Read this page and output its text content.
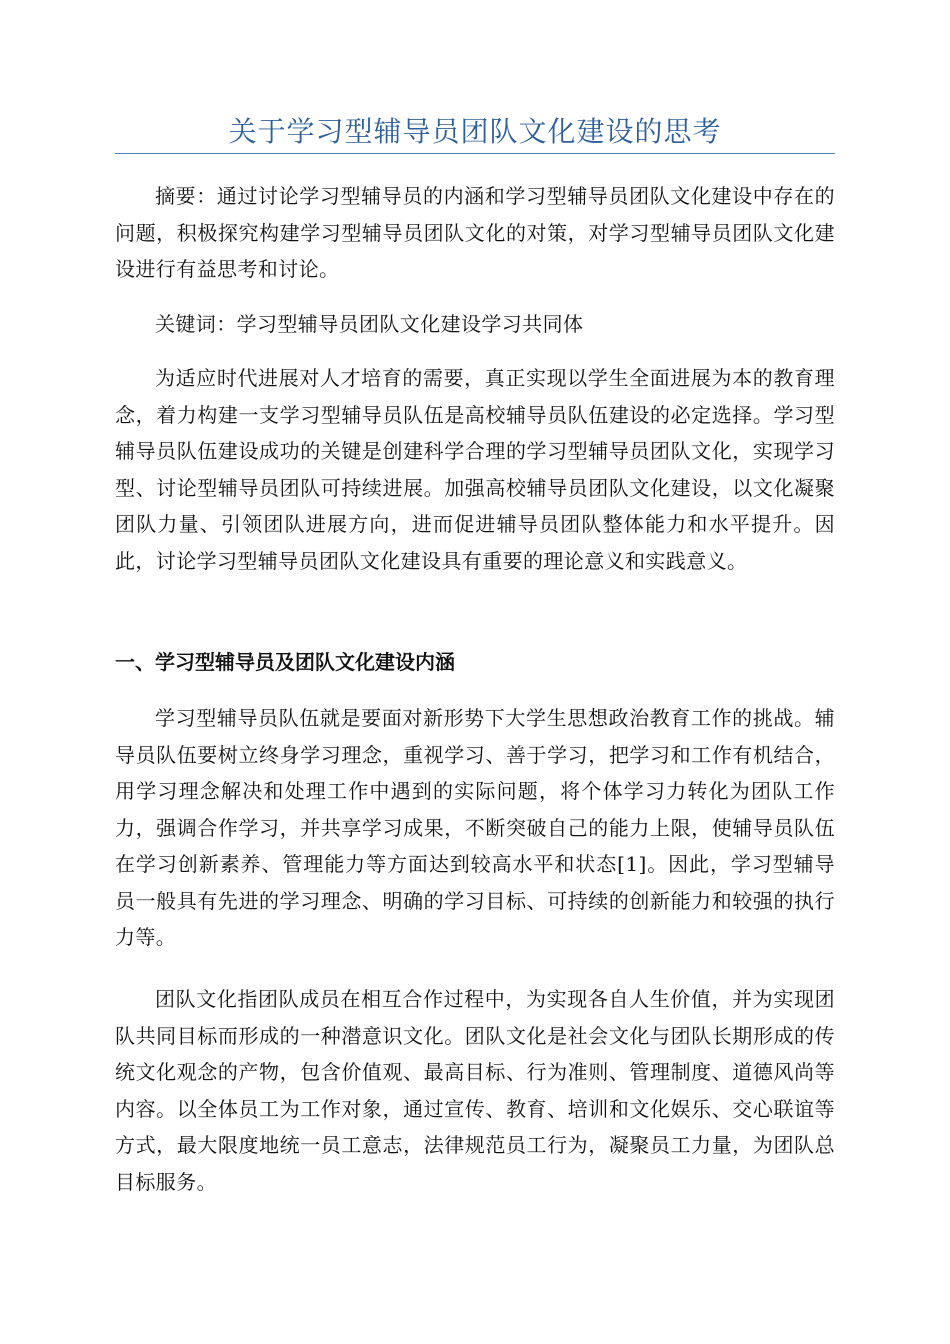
关于学习型辅导员团队文化建设的思考

摘要：通过讨论学习型辅导员的内涵和学习型辅导员团队文化建设中存在的问题，积极探究构建学习型辅导员团队文化的对策，对学习型辅导员团队文化建设进行有益思考和讨论。

关键词：学习型辅导员团队文化建设学习共同体

为适应时代进展对人才培育的需要，真正实现以学生全面进展为本的教育理念，着力构建一支学习型辅导员队伍是高校辅导员队伍建设的必定选择。学习型辅导员队伍建设成功的关键是创建科学合理的学习型辅导员团队文化，实现学习型、讨论型辅导员团队可持续进展。加强高校辅导员团队文化建设，以文化凝聚团队力量、引领团队进展方向，进而促进辅导员团队整体能力和水平提升。因此，讨论学习型辅导员团队文化建设具有重要的理论意义和实践意义。

一、学习型辅导员及团队文化建设内涵

学习型辅导员队伍就是要面对新形势下大学生思想政治教育工作的挑战。辅导员队伍要树立终身学习理念，重视学习、善于学习，把学习和工作有机结合，用学习理念解决和处理工作中遇到的实际问题，将个体学习力转化为团队工作力，强调合作学习，并共享学习成果，不断突破自己的能力上限，使辅导员队伍在学习创新素养、管理能力等方面达到较高水平和状态[1]。因此，学习型辅导员一般具有先进的学习理念、明确的学习目标、可持续的创新能力和较强的执行力等。

团队文化指团队成员在相互合作过程中，为实现各自人生价值，并为实现团队共同目标而形成的一种潜意识文化。团队文化是社会文化与团队长期形成的传统文化观念的产物，包含价值观、最高目标、行为准则、管理制度、道德风尚等内容。以全体员工为工作对象，通过宣传、教育、培训和文化娱乐、交心联谊等方式，最大限度地统一员工意志，法律规范员工行为，凝聚员工力量，为团队总目标服务。
